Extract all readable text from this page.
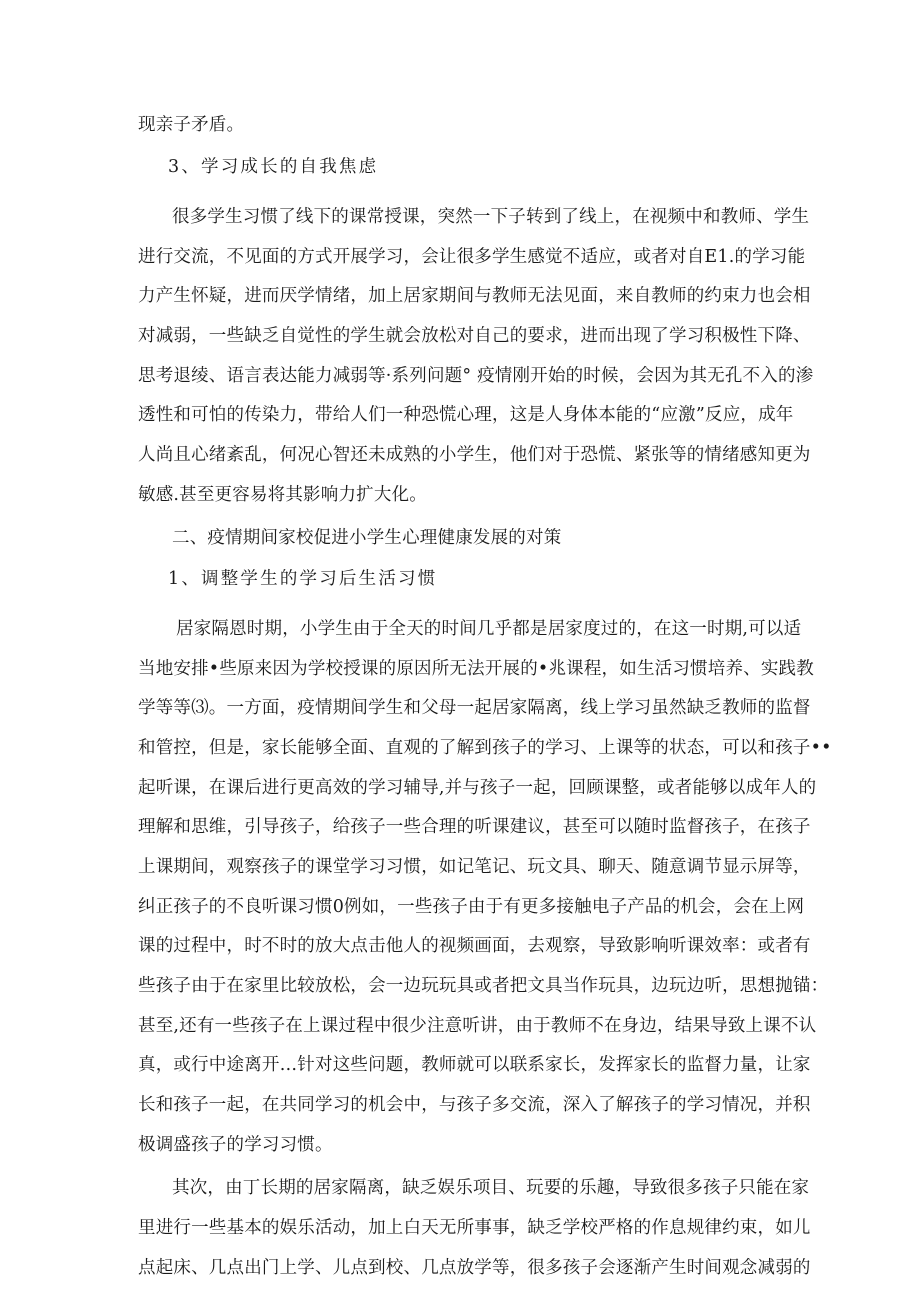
现亲子矛盾。
3、学习成长的自我焦虑
很多学生习惯了线下的课常授课，突然一下子转到了线上，在视频中和教师、学生
进行交流，不见面的方式开展学习，会让很多学生感觉不适应，或者对自E1.的学习能
力产生怀疑，进而厌学情绪，加上居家期间与教师无法见面，来自教师的约束力也会相
对减弱，一些缺乏自觉性的学生就会放松对自己的要求，进而出现了学习积极性下降、
思考退绫、语言表达能力减弱等·系列问题° 疫情刚开始的时候，会因为其无孔不入的渗
透性和可怕的传染力，带给人们一种恐慌心理，这是人身体本能的“应激”反应，成年
人尚且心绪紊乱，何况心智还未成熟的小学生，他们对于恐慌、紧张等的情绪感知更为
敏感.甚至更容易将其影响力扩大化。
二、疫情期间家校促进小学生心理健康发展的对策
1、调整学生的学习后生活习惯
居家隔恩时期，小学生由于全天的时间几乎都是居家度过的，在这一时期,可以适
当地安排•些原来因为学校授课的原因所无法开展的•兆课程，如生活习惯培养、实践教
学等等⑶。一方面，疫情期间学生和父母一起居家隔离，线上学习虽然缺乏教师的监督
和管控，但是，家长能够全面、直观的了解到孩子的学习、上课等的状态，可以和孩子••
起听课，在课后进行更高效的学习辅导,并与孩子一起，回顾课整，或者能够以成年人的
理解和思维，引导孩子，给孩子一些合理的听课建议，甚至可以随时监督孩子，在孩子
上课期间，观察孩子的课堂学习习惯，如记笔记、玩文具、聊天、随意调节显示屏等，
纠正孩子的不良听课习惯0例如，一些孩子由于有更多接触电子产品的机会，会在上网
课的过程中，时不时的放大点击他人的视频画面，去观察，导致影响听课效率：或者有
些孩子由于在家里比较放松，会一边玩玩具或者把文具当作玩具，边玩边听，思想抛锚：
甚至,还有一些孩子在上课过程中很少注意听讲，由于教师不在身边，结果导致上课不认
真，或行中途离开…针对这些问题，教师就可以联系家长，发挥家长的监督力量，让家
长和孩子一起，在共同学习的机会中，与孩子多交流，深入了解孩子的学习情况，并积
极调盛孩子的学习习惯。
其次，由丁长期的居家隔离，缺乏娱乐项目、玩要的乐趣，导致很多孩子只能在家
里进行一些基本的娱乐活动，加上白天无所事事，缺乏学校严格的作息规律约束，如儿
点起床、几点出门上学、儿点到校、几点放学等，很多孩子会逐渐产生时间观念减弱的
